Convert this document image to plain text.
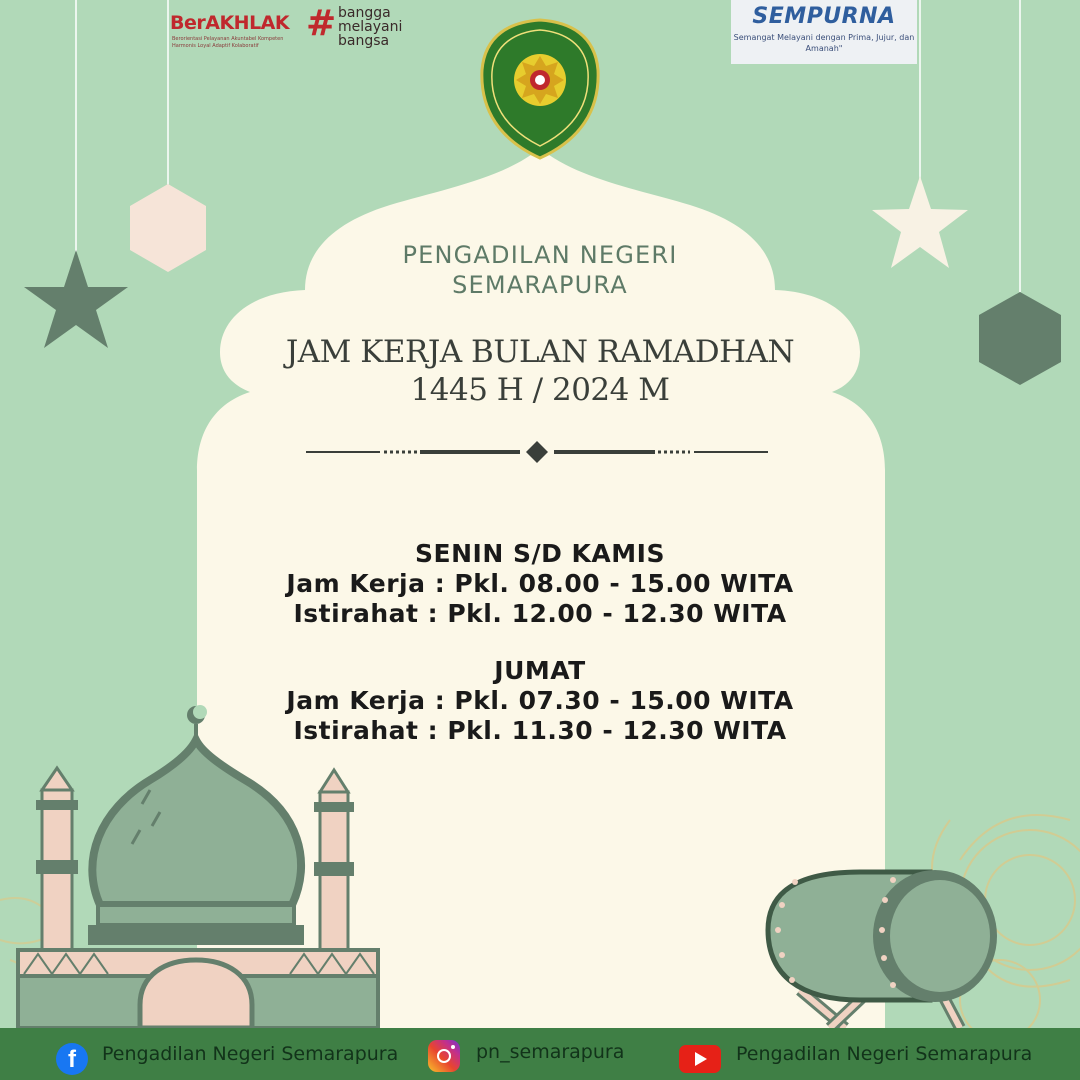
BerAKHLAK
Berorientasi Pelayanan Akuntabel Kompeten
Harmonis Loyal Adaptif Kolaboratif
# bangga
melayani
bangsa
SEMPURNA
Semangat Melayani dengan Prima, Jujur, dan
Amanah"
PENGADILAN NEGERI
SEMARAPURA
JAM KERJA BULAN RAMADHAN
1445 H / 2024 M
SENIN S/D KAMIS
Jam Kerja : Pkl. 08.00 - 15.00 WITA
Istirahat : Pkl. 12.00 - 12.30 WITA
JUMAT
Jam Kerja : Pkl. 07.30 - 15.00 WITA
Istirahat : Pkl. 11.30 - 12.30 WITA
f	Pengadilan Negeri Semarapura	pn_semarapura	Pengadilan Negeri Semarapura
